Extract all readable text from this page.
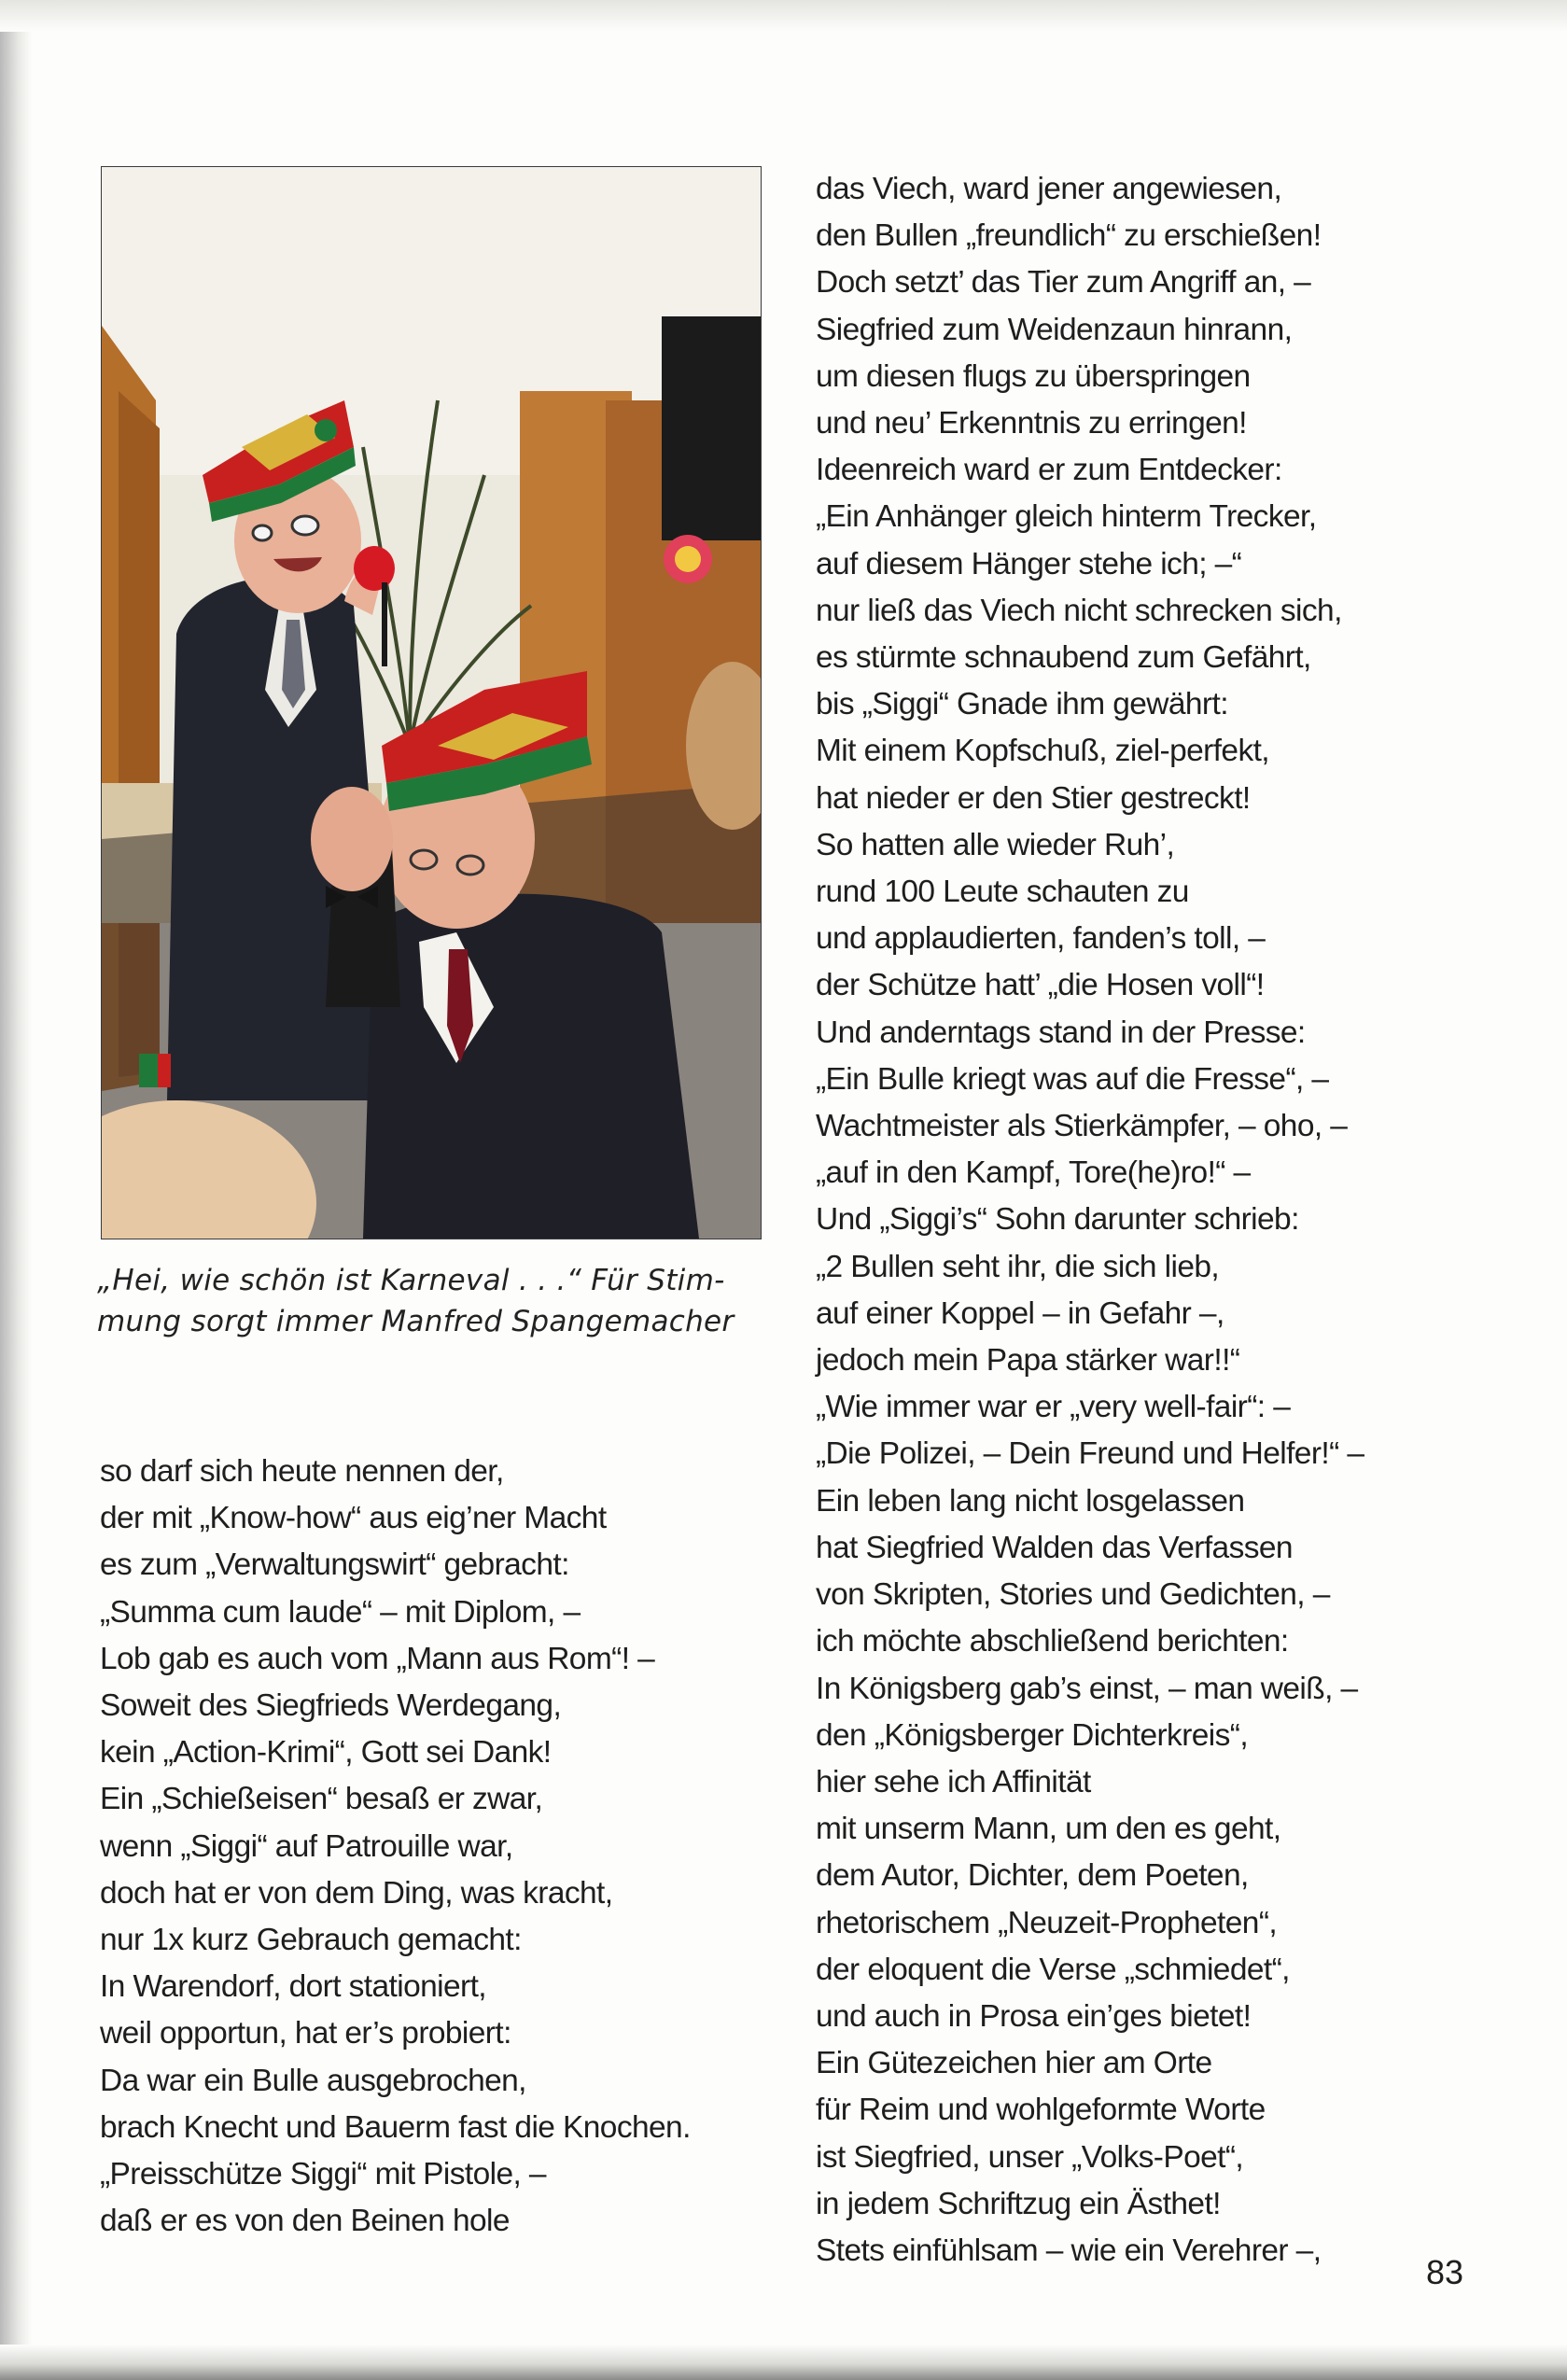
„Hei, wie schön ist Karneval . . .“ Für Stim-
mung sorgt immer Manfred Spangemacher

so darf sich heute nennen der,
der mit „Know-how“ aus eig’ner Macht
es zum „Verwaltungswirt“ gebracht:
„Summa cum laude“ – mit Diplom, –
Lob gab es auch vom „Mann aus Rom“! –
Soweit des Siegfrieds Werdegang,
kein „Action-Krimi“, Gott sei Dank!
Ein „Schießeisen“ besaß er zwar,
wenn „Siggi“ auf Patrouille war,
doch hat er von dem Ding, was kracht,
nur 1x kurz Gebrauch gemacht:
In Warendorf, dort stationiert,
weil opportun, hat er’s probiert:
Da war ein Bulle ausgebrochen,
brach Knecht und Bauerm fast die Knochen.
„Preisschütze Siggi“ mit Pistole, –
daß er es von den Beinen hole
das Viech, ward jener angewiesen,
den Bullen „freundlich“ zu erschießen!
Doch setzt’ das Tier zum Angriff an, –
Siegfried zum Weidenzaun hinrann,
um diesen flugs zu überspringen
und neu’ Erkenntnis zu erringen!
Ideenreich ward er zum Entdecker:
„Ein Anhänger gleich hinterm Trecker,
auf diesem Hänger stehe ich; –“
nur ließ das Viech nicht schrecken sich,
es stürmte schnaubend zum Gefährt,
bis „Siggi“ Gnade ihm gewährt:
Mit einem Kopfschuß, ziel-perfekt,
hat nieder er den Stier gestreckt!
So hatten alle wieder Ruh’,
rund 100 Leute schauten zu
und applaudierten, fanden’s toll, –
der Schütze hatt’ „die Hosen voll“!
Und anderntags stand in der Presse:
„Ein Bulle kriegt was auf die Fresse“, –
Wachtmeister als Stierkämpfer, – oho, –
„auf in den Kampf, Tore(he)ro!“ –
Und „Siggi’s“ Sohn darunter schrieb:
„2 Bullen seht ihr, die sich lieb,
auf einer Koppel – in Gefahr –,
jedoch mein Papa stärker war!!“
„Wie immer war er „very well-fair“: –
„Die Polizei, – Dein Freund und Helfer!“ –
Ein leben lang nicht losgelassen
hat Siegfried Walden das Verfassen
von Skripten, Stories und Gedichten, –
ich möchte abschließend berichten:
In Königsberg gab’s einst, – man weiß, –
den „Königsberger Dichterkreis“,
hier sehe ich Affinität
mit unserm Mann, um den es geht,
dem Autor, Dichter, dem Poeten,
rhetorischem „Neuzeit-Propheten“,
der eloquent die Verse „schmiedet“,
und auch in Prosa ein’ges bietet!
Ein Gütezeichen hier am Orte
für Reim und wohlgeformte Worte
ist Siegfried, unser „Volks-Poet“,
in jedem Schriftzug ein Ästhet!
Stets einfühlsam – wie ein Verehrer –,
83
